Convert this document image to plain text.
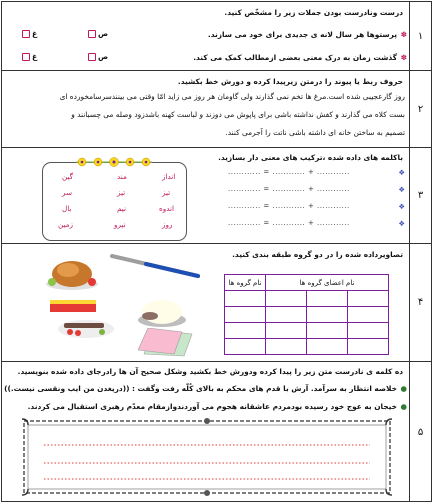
۱
درست ونادرست بودن جملات زیر را مشخّص کنید.
✽
پرستوها هر سال لانه ی جدیدی برای خود می سازند.
ص
غ
✽
گذشت زمان به درک معنی بعضی ازمطالب کمک می کند.
ص
غ
۲
حروف ربط یا پیوند را درمتن زیرپیدا کرده و دورش خط بکشید.
روز گارعجیبی شده است.مرغ ها تخم نمی گذارند ولی گاومان هر روز می زاید امّا وقتی می بینندسرسامخورده ای
بست کلاه می گذارند و کفش نداشته باشی برای پاپوش می دوزند و لباست کهنه باشدزود وصله می چسبانند و
تصمیم به ساختن خانه ای داشته باشی ناتت را آجرمی کنند.
۳
باکلمه های داده شده ،ترکیب های معنی دار بسازید.
انداز
تیز
اندوه
روز
مند
تیز
نیم
نیرو
گین
سر
بال
زمین
❖
............ + ............ = ............
❖
............ + ............ = ............
❖
............ + ............ = ............
❖
............ + ............ = ............
۴
تصاویرداده شده را در دو گروه طبقه بندی کنید.
نام اعضای گروه ها			نام گروه ها

۵
ده کلمه ی نادرست متن زیر را پیدا کرده ودورش خط بکشید وشکل صحیح آن ها رادرجای داده شده بنویسید.
●
خلاصه انتظار به سرآمد. آرش با قدم های محکم به بالای کُلّه رفت وگفت : ((دریغدن من ایب ونقسی نیست.))
●
خیجان به عوج خود رسیده بودمردم عاشقانه هجوم می آوردندوازمقام معدّم رهبری استقبال می کردند.
